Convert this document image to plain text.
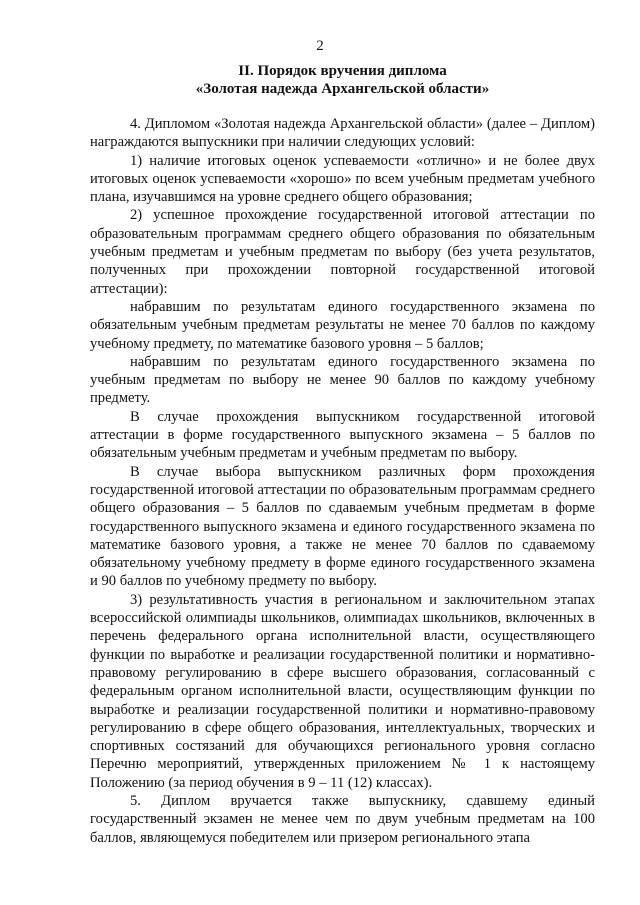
2
II. Порядок вручения диплома
«Золотая надежда Архангельской области»

4. Дипломом «Золотая надежда Архангельской области» (далее – Диплом) награждаются выпускники при наличии следующих условий:

1) наличие итоговых оценок успеваемости «отлично» и не более двух итоговых оценок успеваемости «хорошо» по всем учебным предметам учебного плана, изучавшимся на уровне среднего общего образования;

2) успешное прохождение государственной итоговой аттестации по образовательным программам среднего общего образования по обязательным учебным предметам и учебным предметам по выбору (без учета результатов, полученных при прохождении повторной государственной итоговой аттестации):

набравшим по результатам единого государственного экзамена по обязательным учебным предметам результаты не менее 70 баллов по каждому учебному предмету, по математике базового уровня – 5 баллов;

набравшим по результатам единого государственного экзамена по учебным предметам по выбору не менее 90 баллов по каждому учебному предмету.

В случае прохождения выпускником государственной итоговой аттестации в форме государственного выпускного экзамена – 5 баллов по обязательным учебным предметам и учебным предметам по выбору.

В случае выбора выпускником различных форм прохождения государственной итоговой аттестации по образовательным программам среднего общего образования – 5 баллов по сдаваемым учебным предметам в форме государственного выпускного экзамена и единого государственного экзамена по математике базового уровня, а также не менее 70 баллов по сдаваемому обязательному учебному предмету в форме единого государственного экзамена и 90 баллов по учебному предмету по выбору.

3) результативность участия в региональном и заключительном этапах всероссийской олимпиады школьников, олимпиадах школьников, включенных в перечень федерального органа исполнительной власти, осуществляющего функции по выработке и реализации государственной политики и нормативно-правовому регулированию в сфере высшего образования, согласованный с федеральным органом исполнительной власти, осуществляющим функции по выработке и реализации государственной политики и нормативно-правовому регулированию в сфере общего образования, интеллектуальных, творческих и спортивных состязаний для обучающихся регионального уровня согласно Перечню мероприятий, утвержденных приложением № 1 к настоящему Положению (за период обучения в 9 – 11 (12) классах).

5. Диплом вручается также выпускнику, сдавшему единый государственный экзамен не менее чем по двум учебным предметам на 100 баллов, являющемуся победителем или призером регионального этапа
